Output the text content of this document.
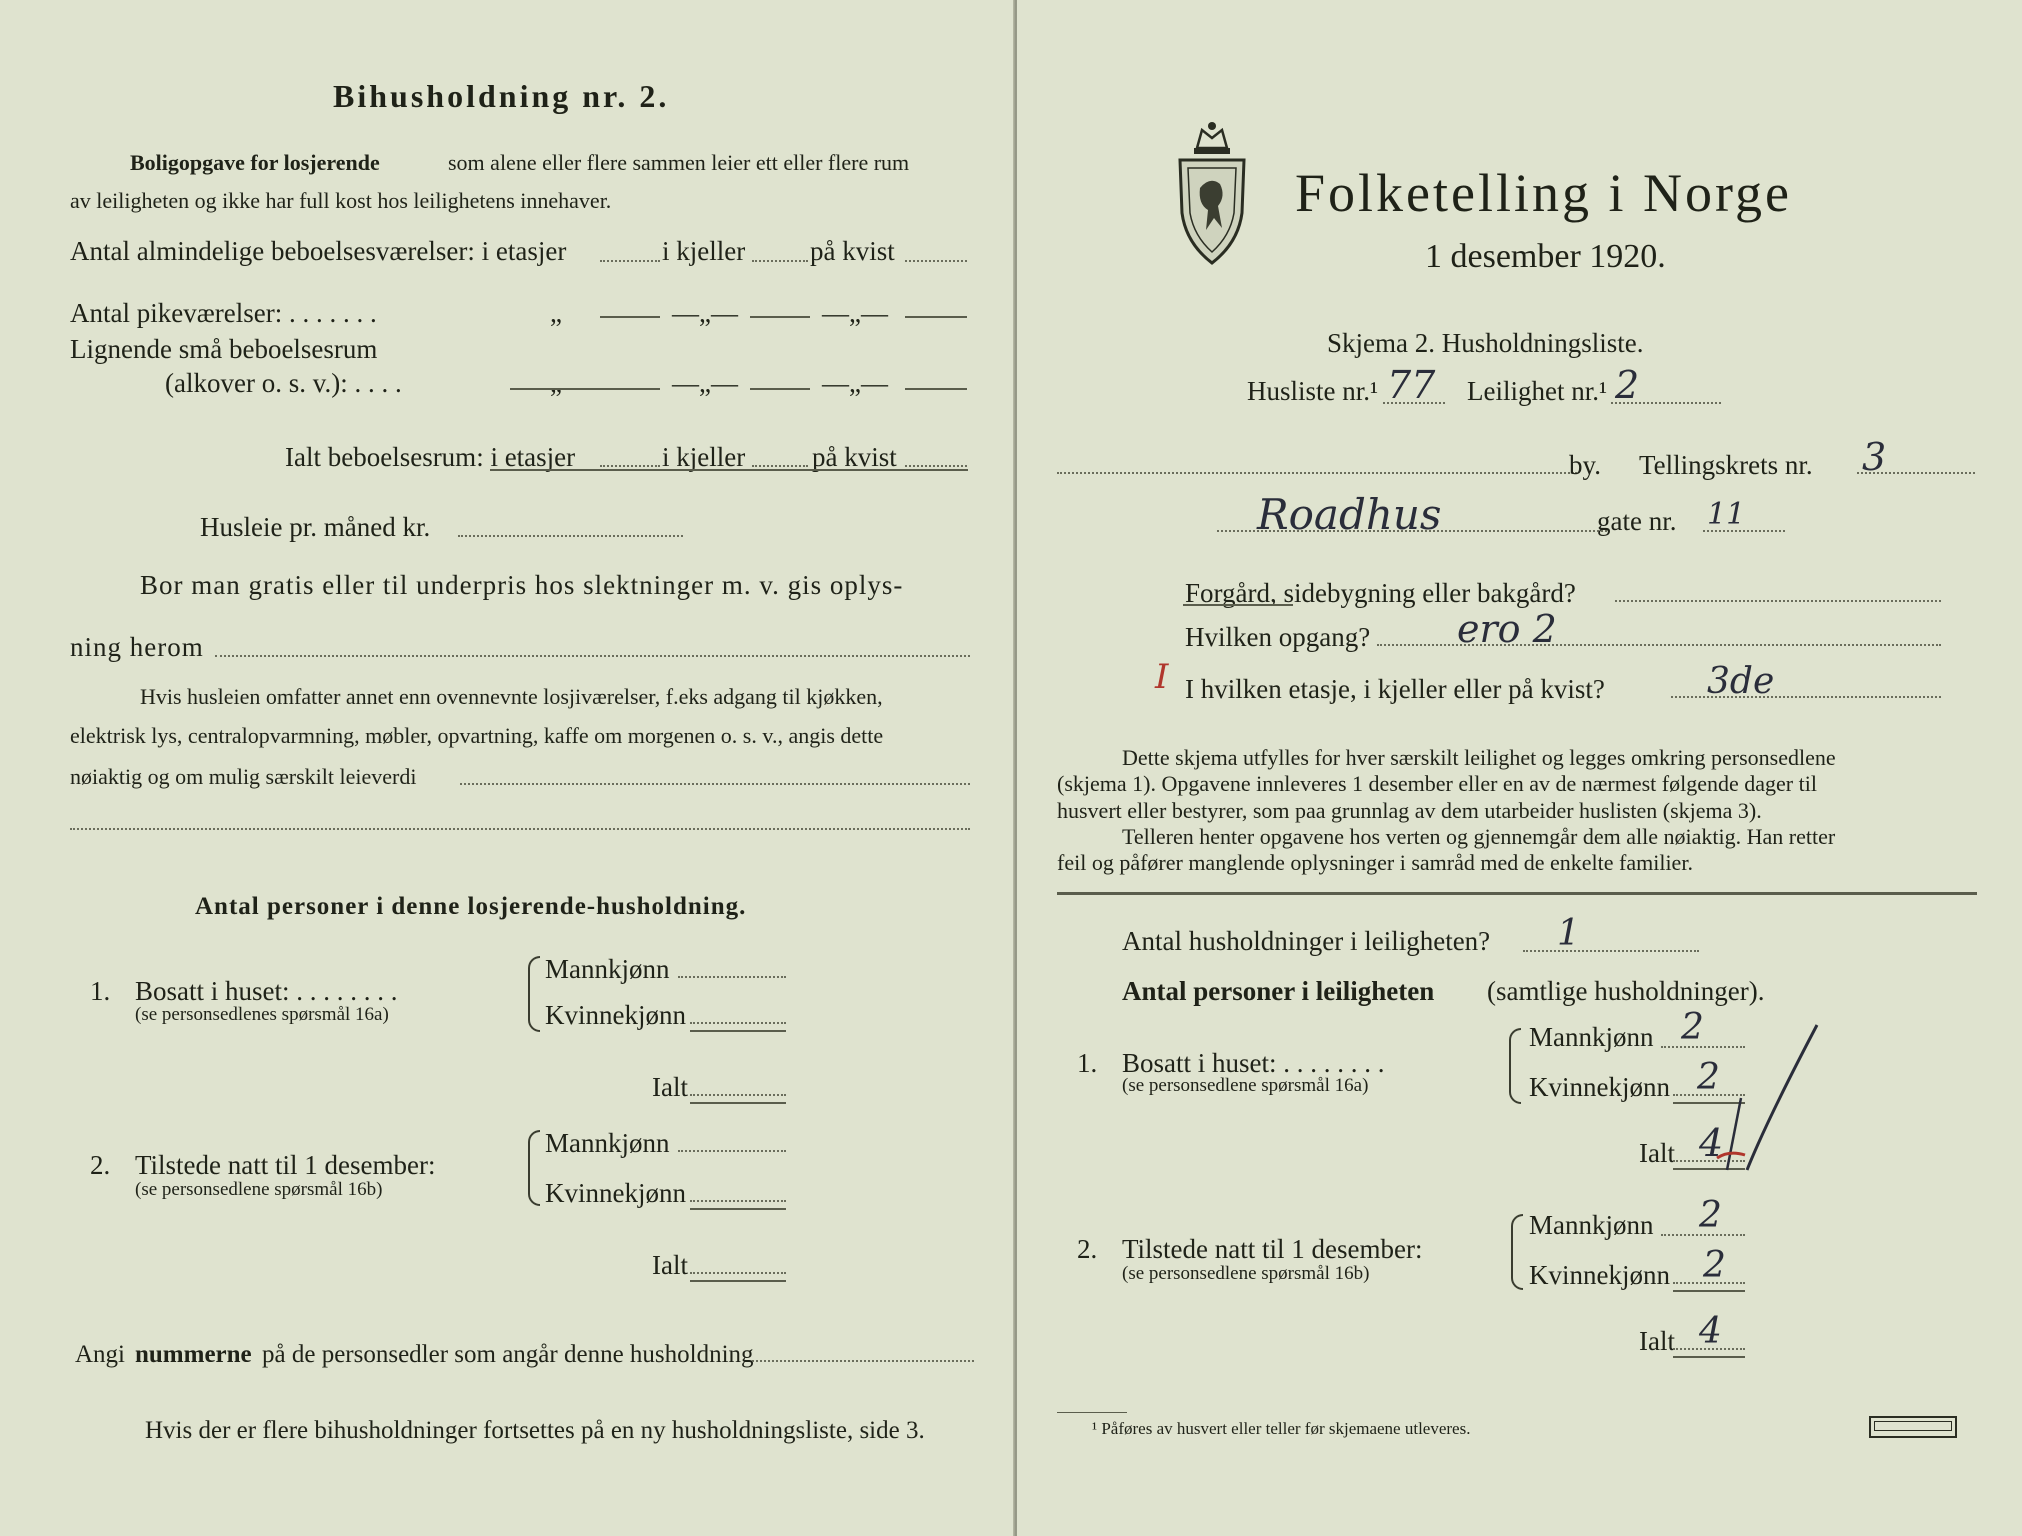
Bihusholdning nr. 2.
Boligopgave for losjerende	som alene eller flere sammen leier ett eller flere rum
av leiligheten og ikke har full kost hos leilighetens innehaver.
Antal almindelige beboelsesværelser: i etasjer	i kjeller på kvist
Antal pikeværelser: . . . . . . .	„	—„—	—„—
Lignende små beboelsesrum
(alkover o. s. v.): . . . .	„	—„—	—„—
Ialt beboelsesrum: i etasjer	i kjeller på kvist
Husleie pr. måned kr.
Bor man gratis eller til underpris hos slektninger m. v. gis oplys-
ning herom
Hvis husleien omfatter annet enn ovennevnte losjiværelser, f.eks adgang til kjøkken,
elektrisk lys, centralopvarmning, møbler, opvartning, kaffe om morgenen o. s. v., angis dette
nøiaktig og om mulig særskilt leieverdi
Antal personer i denne losjerende-husholdning.
1. Bosatt i huset: . . . . . . . .
(se personsedlenes spørsmål 16a)
Mannkjønn
Kvinnekjønn
Ialt
2. Tilstede natt til 1 desember:
(se personsedlene spørsmål 16b)
Mannkjønn
Kvinnekjønn
Ialt
Angi nummerne på de personsedler som angår denne husholdning
Hvis der er flere bihusholdninger fortsettes på en ny husholdningsliste, side 3.
Folketelling i Norge
1 desember 1920.
Skjema 2. Husholdningsliste.
Husliste nr.¹ 77 Leilighet nr.¹ 2
by. Tellingskrets nr. 3
Roadhus	gate nr. 11
Forgård, sidebygning eller bakgård?
Hvilken opgang? ero 2
I I hvilken etasje, i kjeller eller på kvist?	3de
Dette skjema utfylles for hver særskilt leilighet og legges omkring personsedlene
(skjema 1). Opgavene innleveres 1 desember eller en av de nærmest følgende dager til
husvert eller bestyrer, som paa grunnlag av dem utarbeider huslisten (skjema 3).
Telleren henter opgavene hos verten og gjennemgår dem alle nøiaktig. Han retter
feil og påfører manglende oplysninger i samråd med de enkelte familier.
Antal husholdninger i leiligheten? 1
Antal personer i leiligheten (samtlige husholdninger).
1. Bosatt i huset: . . . . . . . .
(se personsedlene spørsmål 16a)
Mannkjønn 2
Kvinnekjønn 2
Ialt 4
2. Tilstede natt til 1 desember:
(se personsedlene spørsmål 16b)
Mannkjønn 2
Kvinnekjønn 2
Ialt 4
¹ Påføres av husvert eller teller før skjemaene utleveres.
